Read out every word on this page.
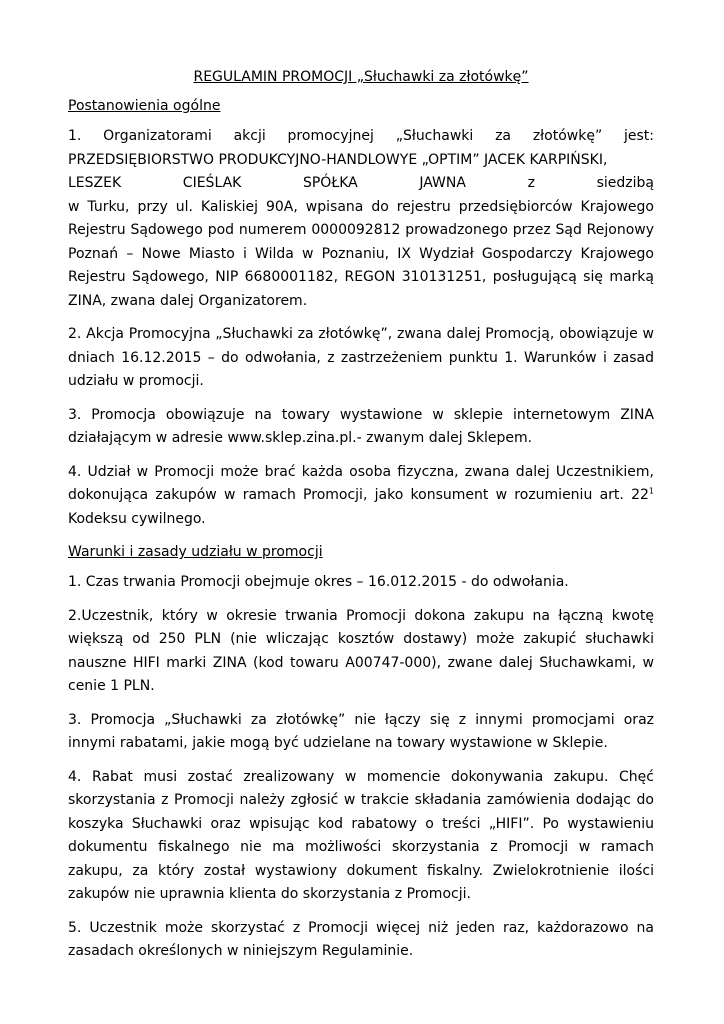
REGULAMIN PROMOCJI „Słuchawki za złotówkę”

Postanowienia ogólne

1. Organizatorami akcji promocyjnej „Słuchawki za złotówkę” jest: PRZEDSIĘBIORSTWO PRODUKCYJNO-HANDLOWYE „OPTIM” JACEK KARPIŃSKI,
LESZEK CIEŚLAK SPÓŁKA JAWNA z siedzibą
w Turku, przy ul. Kaliskiej 90A, wpisana do rejestru przedsiębiorców Krajowego Rejestru Sądowego pod numerem 0000092812 prowadzonego przez Sąd Rejonowy Poznań – Nowe Miasto i Wilda w Poznaniu, IX Wydział Gospodarczy Krajowego Rejestru Sądowego, NIP 6680001182, REGON 310131251, posługującą się marką ZINA, zwana dalej Organizatorem.

2. Akcja Promocyjna „Słuchawki za złotówkę”, zwana dalej Promocją, obowiązuje w dniach 16.12.2015 – do odwołania, z zastrzeżeniem punktu 1. Warunków i zasad udziału w promocji.

3. Promocja obowiązuje na towary wystawione w sklepie internetowym ZINA działającym w adresie www.sklep.zina.pl.- zwanym dalej Sklepem.

4. Udział w Promocji może brać każda osoba fizyczna, zwana dalej Uczestnikiem, dokonująca zakupów w ramach Promocji, jako konsument w rozumieniu art. $22^1$ Kodeksu cywilnego.

Warunki i zasady udziału w promocji

1. Czas trwania Promocji obejmuje okres – 16.012.2015 - do odwołania.

2.Uczestnik, który w okresie trwania Promocji dokona zakupu na łączną kwotę większą od 250 PLN (nie wliczając kosztów dostawy) może zakupić słuchawki nauszne HIFI marki ZINA (kod towaru A00747-000), zwane dalej Słuchawkami, w cenie 1 PLN.

3. Promocja „Słuchawki za złotówkę” nie łączy się z innymi promocjami oraz innymi rabatami, jakie mogą być udzielane na towary wystawione w Sklepie.

4. Rabat musi zostać zrealizowany w momencie dokonywania zakupu. Chęć skorzystania z Promocji należy zgłosić w trakcie składania zamówienia dodając do koszyka Słuchawki oraz wpisując kod rabatowy o treści „HIFI”. Po wystawieniu dokumentu fiskalnego nie ma możliwości skorzystania z Promocji w ramach zakupu, za który został wystawiony dokument fiskalny. Zwielokrotnienie ilości zakupów nie uprawnia klienta do skorzystania z Promocji.

5. Uczestnik może skorzystać z Promocji więcej niż jeden raz, każdorazowo na zasadach określonych w niniejszym Regulaminie.
